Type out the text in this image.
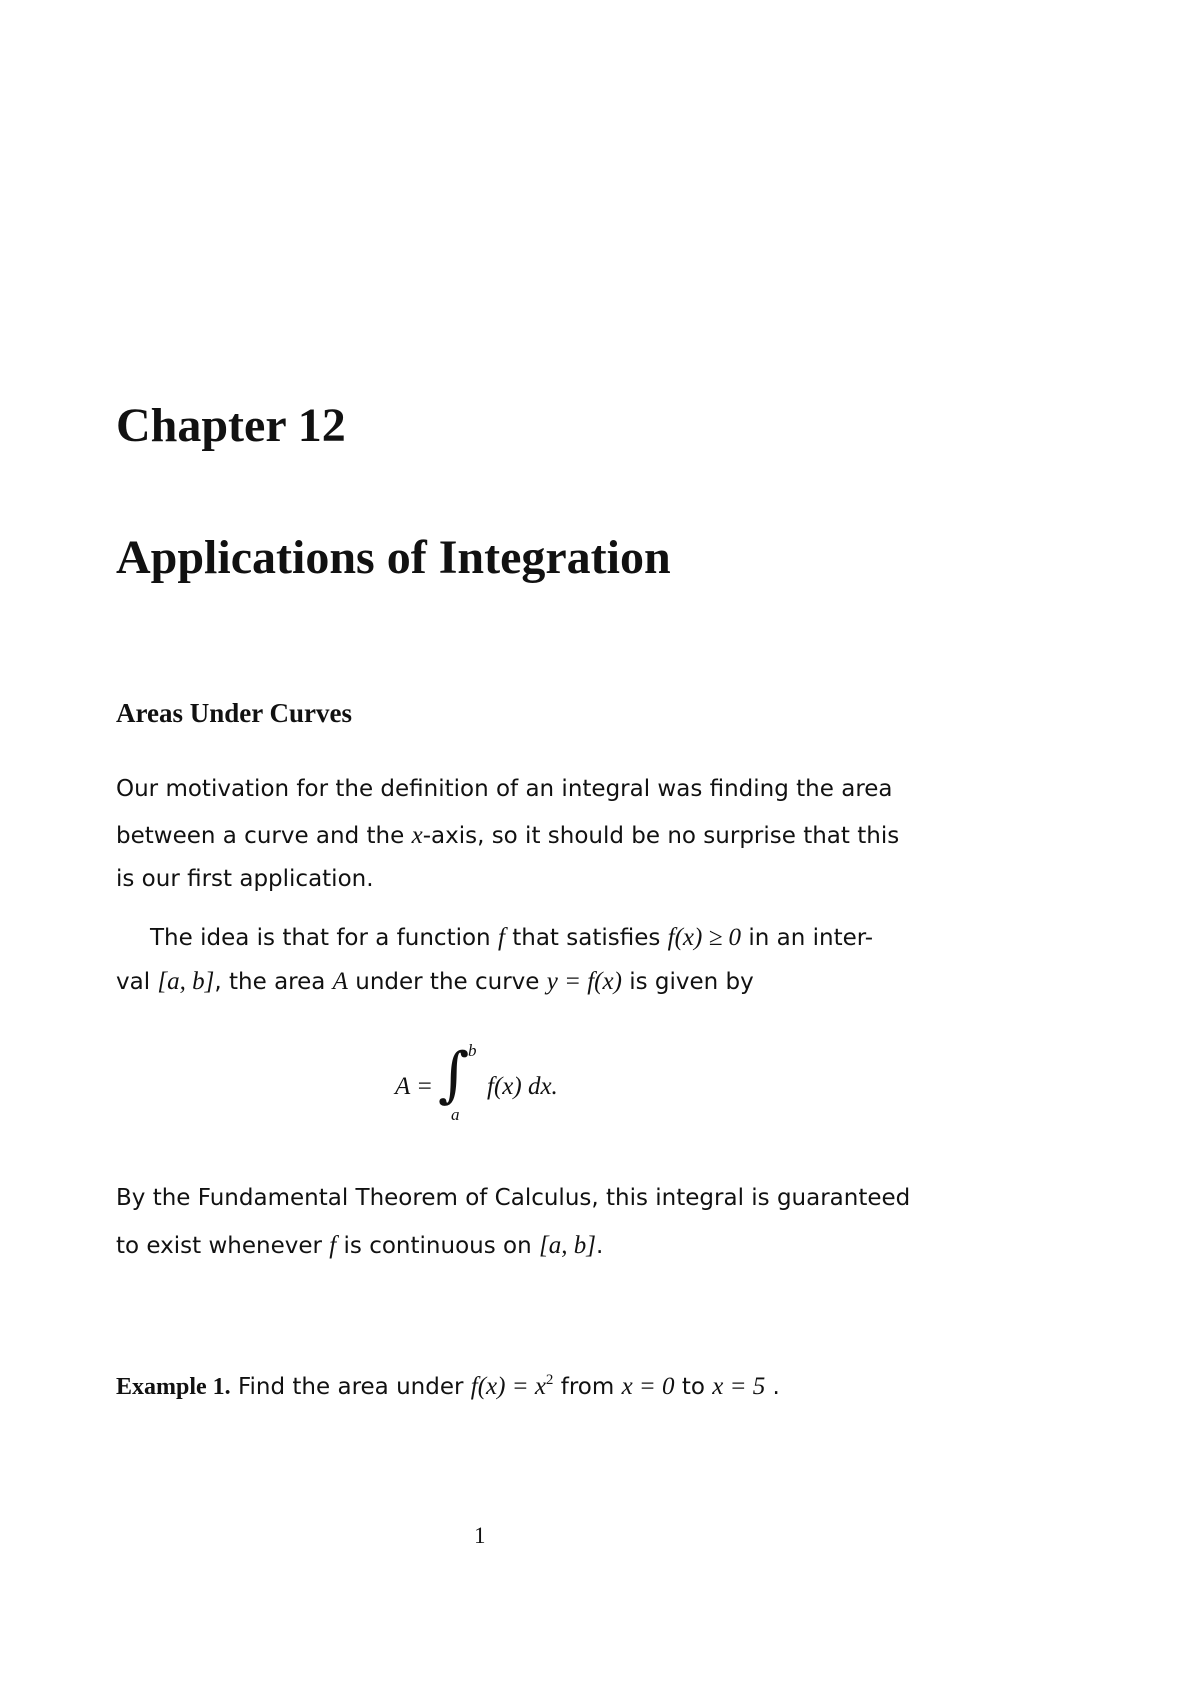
Chapter 12
Applications of Integration
Areas Under Curves
Our motivation for the definition of an integral was finding the area
between a curve and the x-axis, so it should be no surprise that this
is our first application.
The idea is that for a function f that satisfies f(x) ≥ 0 in an inter-
val [a, b], the area A under the curve y = f(x) is given by
A = ∫
b
a
f(x) dx.
By the Fundamental Theorem of Calculus, this integral is guaranteed
to exist whenever f is continuous on [a, b].
Example 1. Find the area under $f(x) = x^2$ from x = 0 to x = 5 .
1
